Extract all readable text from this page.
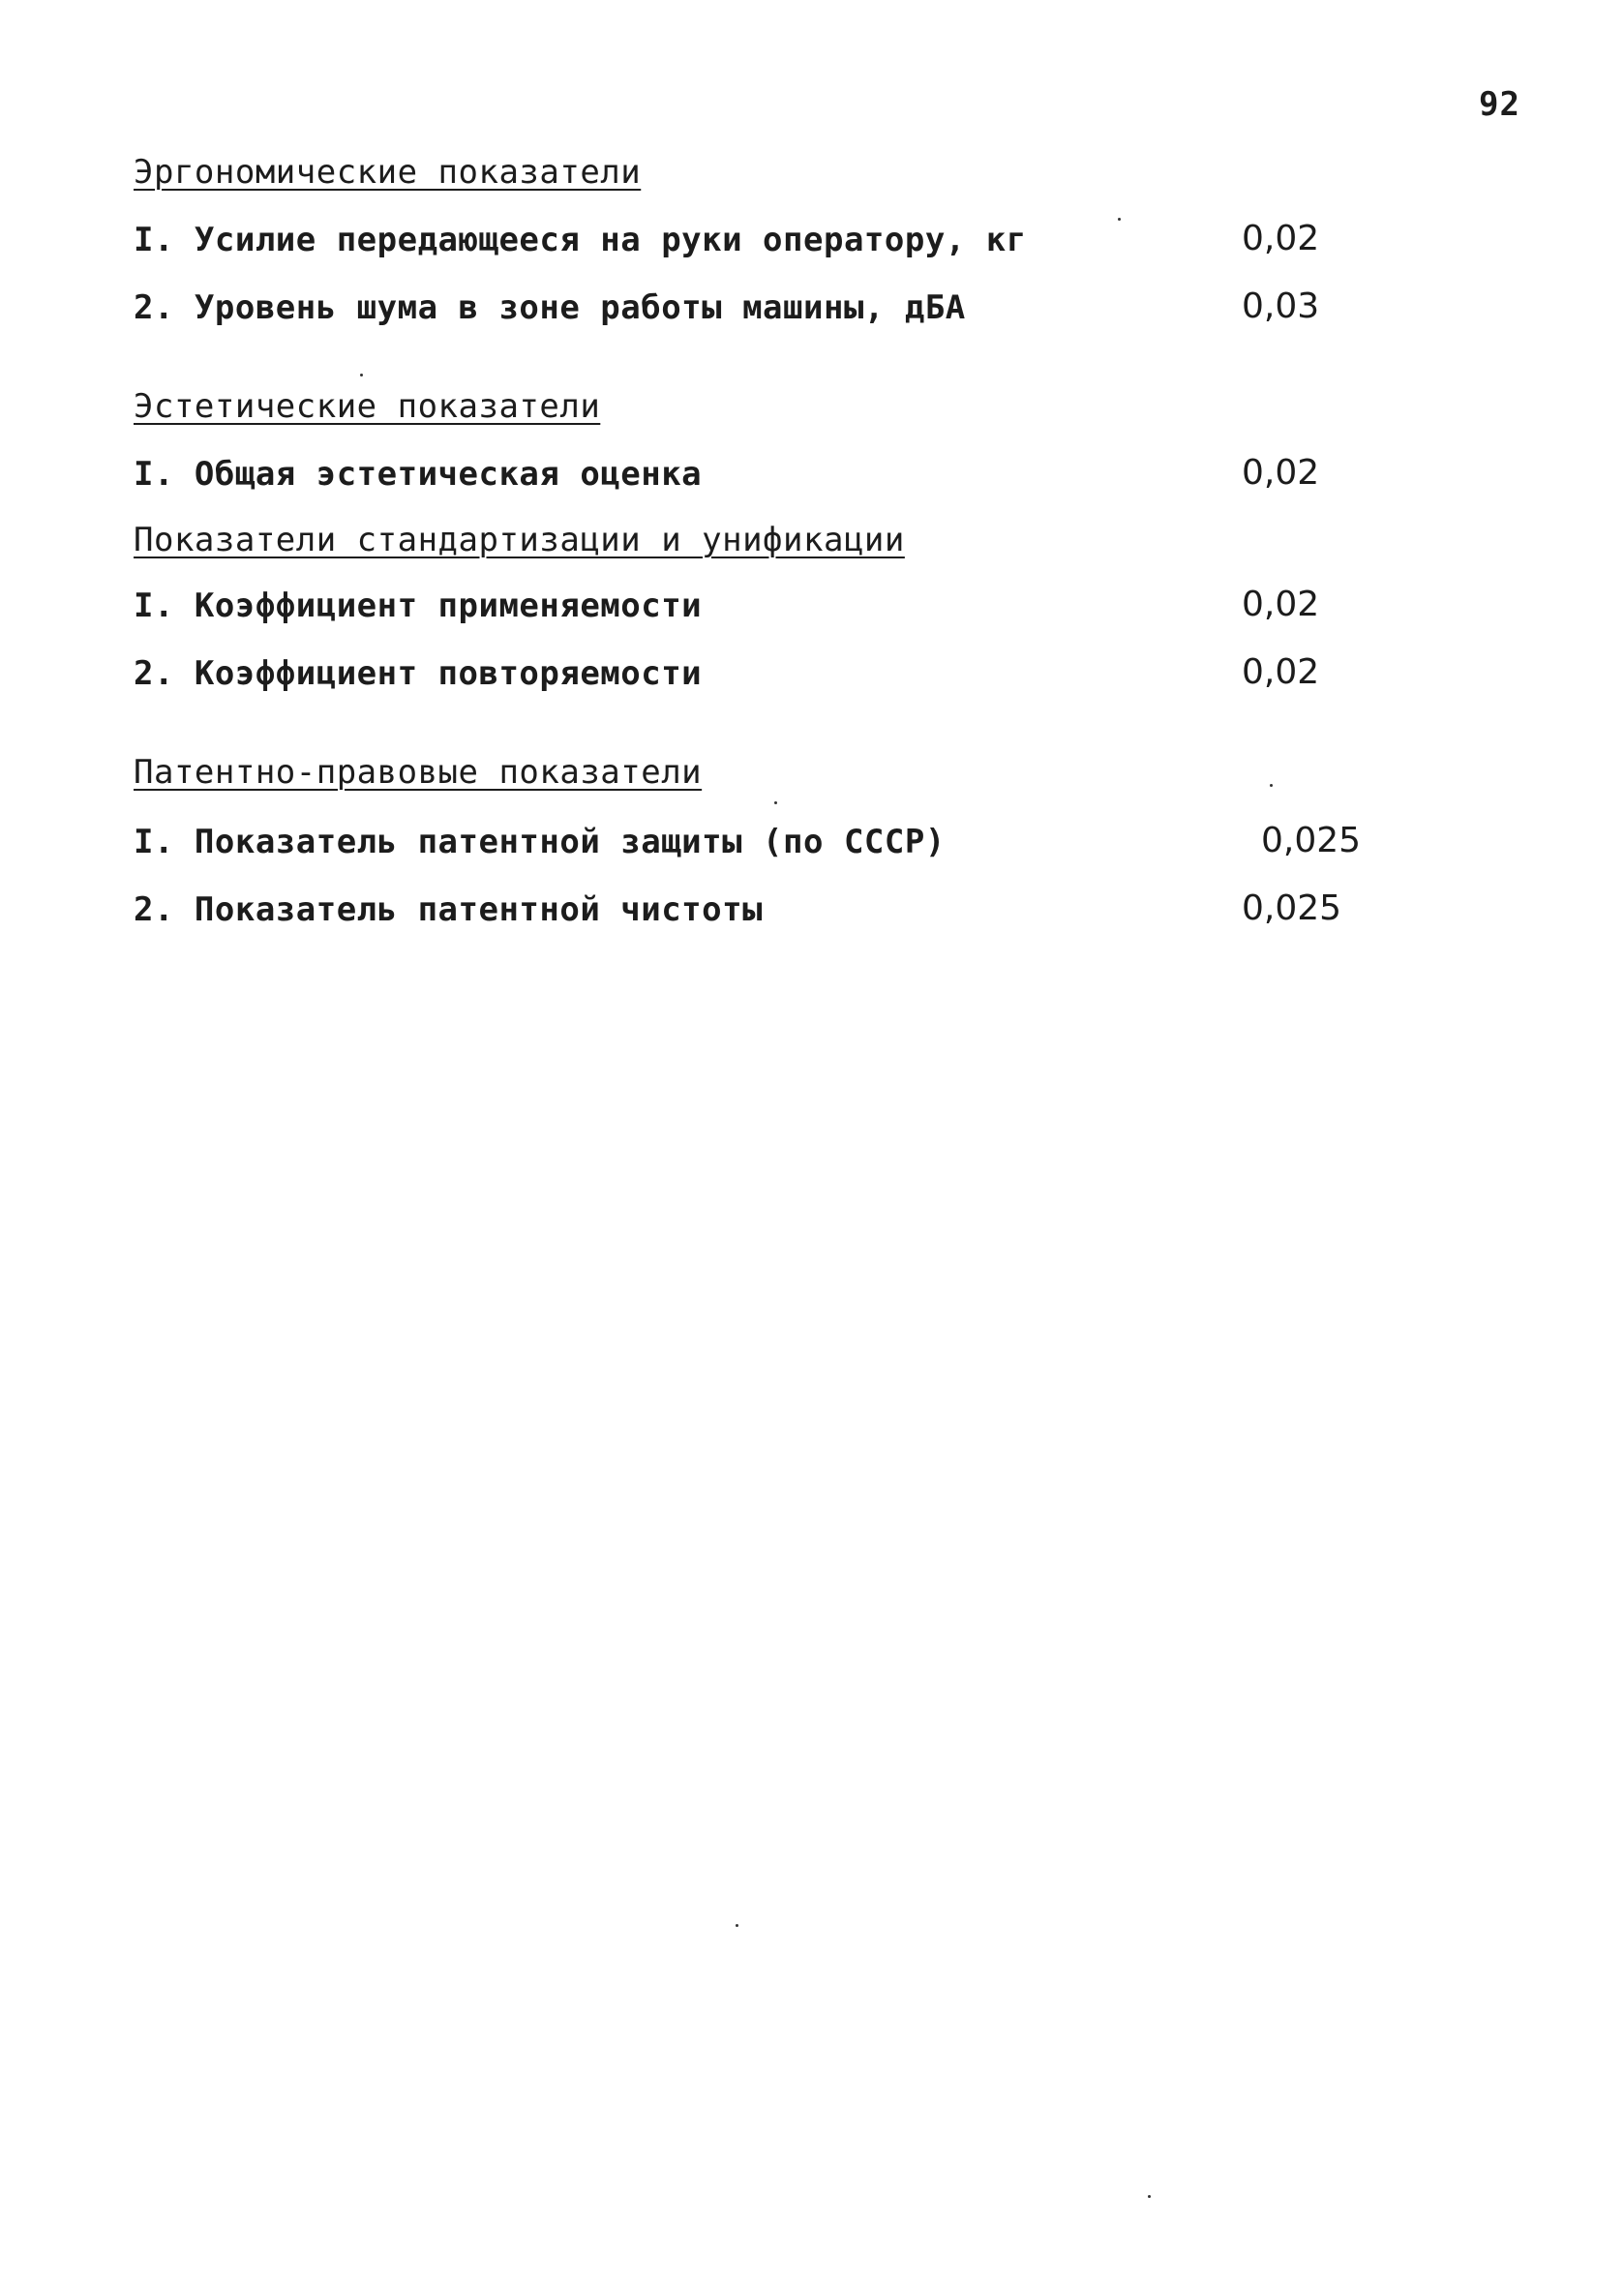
92
Эргономические показатели
I. Усилие передающееся на руки оператору, кг	0,02
2. Уровень шума в зоне работы машины, дБА	0,03
Эстетические показатели
I. Общая эстетическая оценка	0,02
Показатели стандартизации и унификации
I. Коэффициент применяемости	0,02
2. Коэффициент повторяемости	0,02
Патентно-правовые показатели
I. Показатель патентной защиты (по СССР)	0,025
2. Показатель патентной чистоты	0,025
